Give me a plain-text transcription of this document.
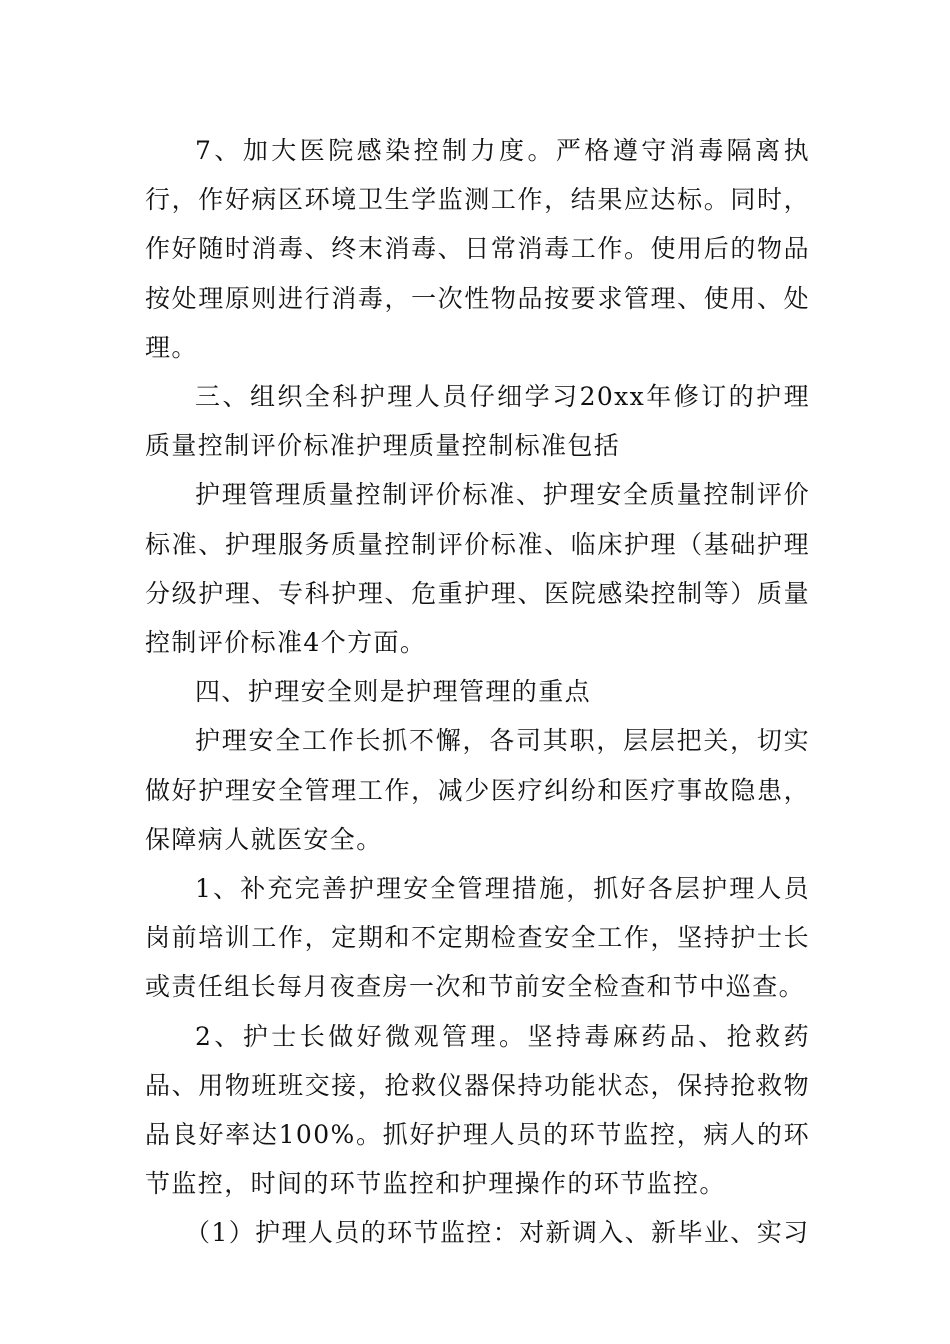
7、加大医院感染控制力度。严格遵守消毒隔离执行，作好病区环境卫生学监测工作，结果应达标。同时，作好随时消毒、终末消毒、日常消毒工作。使用后的物品按处理原则进行消毒，一次性物品按要求管理、使用、处理。

三、组织全科护理人员仔细学习20xx年修订的护理质量控制评价标准护理质量控制标准包括

护理管理质量控制评价标准、护理安全质量控制评价标准、护理服务质量控制评价标准、临床护理（基础护理分级护理、专科护理、危重护理、医院感染控制等）质量控制评价标准4个方面。

四、护理安全则是护理管理的重点

护理安全工作长抓不懈，各司其职，层层把关，切实做好护理安全管理工作，减少医疗纠纷和医疗事故隐患，保障病人就医安全。

1、补充完善护理安全管理措施，抓好各层护理人员岗前培训工作，定期和不定期检查安全工作，坚持护士长或责任组长每月夜查房一次和节前安全检查和节中巡查。

2、护士长做好微观管理。坚持毒麻药品、抢救药品、用物班班交接，抢救仪器保持功能状态，保持抢救物品良好率达100%。抓好护理人员的环节监控，病人的环节监控，时间的环节监控和护理操作的环节监控。

（1）护理人员的环节监控：对新调入、新毕业、实习
